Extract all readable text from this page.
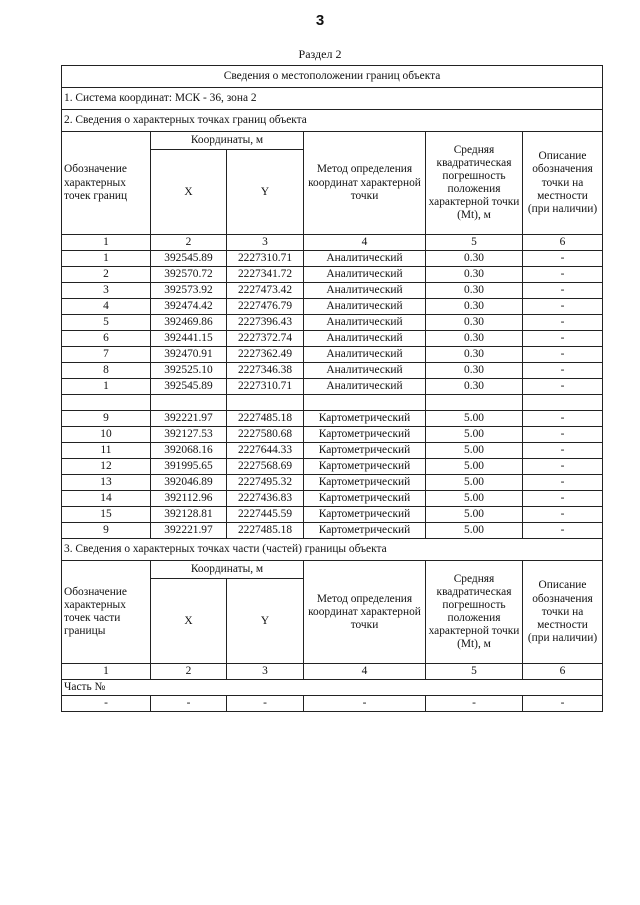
3
Раздел 2
Сведения о местоположении границ объекта					
1. Система координат: МСК - 36, зона 2					
2. Сведения о характерных точках границ объекта					
Обозначение характерных точек границ	Координаты, м		Метод определения координат характерной точки	Средняя квадратическая погрешность положения характерной точки (Mt), м	Описание обозначения точки на местности (при наличии)
	X	Y			
1	2	3	4	5	6
1	392545.89	2227310.71	Аналитический	0.30	-
2	392570.72	2227341.72	Аналитический	0.30	-
3	392573.92	2227473.42	Аналитический	0.30	-
4	392474.42	2227476.79	Аналитический	0.30	-
5	392469.86	2227396.43	Аналитический	0.30	-
6	392441.15	2227372.74	Аналитический	0.30	-
7	392470.91	2227362.49	Аналитический	0.30	-
8	392525.10	2227346.38	Аналитический	0.30	-
1	392545.89	2227310.71	Аналитический	0.30	-

9	392221.97	2227485.18	Картометрический	5.00	-
10	392127.53	2227580.68	Картометрический	5.00	-
11	392068.16	2227644.33	Картометрический	5.00	-
12	391995.65	2227568.69	Картометрический	5.00	-
13	392046.89	2227495.32	Картометрический	5.00	-
14	392112.96	2227436.83	Картометрический	5.00	-
15	392128.81	2227445.59	Картометрический	5.00	-
9	392221.97	2227485.18	Картометрический	5.00	-
3. Сведения о характерных точках части (частей) границы объекта					
Обозначение характерных точек части границы	Координаты, м		Метод определения координат характерной точки	Средняя квадратическая погрешность положения характерной точки (Mt), м	Описание обозначения точки на местности (при наличии)
	X	Y			
1	2	3	4	5	6
Часть №					
-	-	-	-	-	-
